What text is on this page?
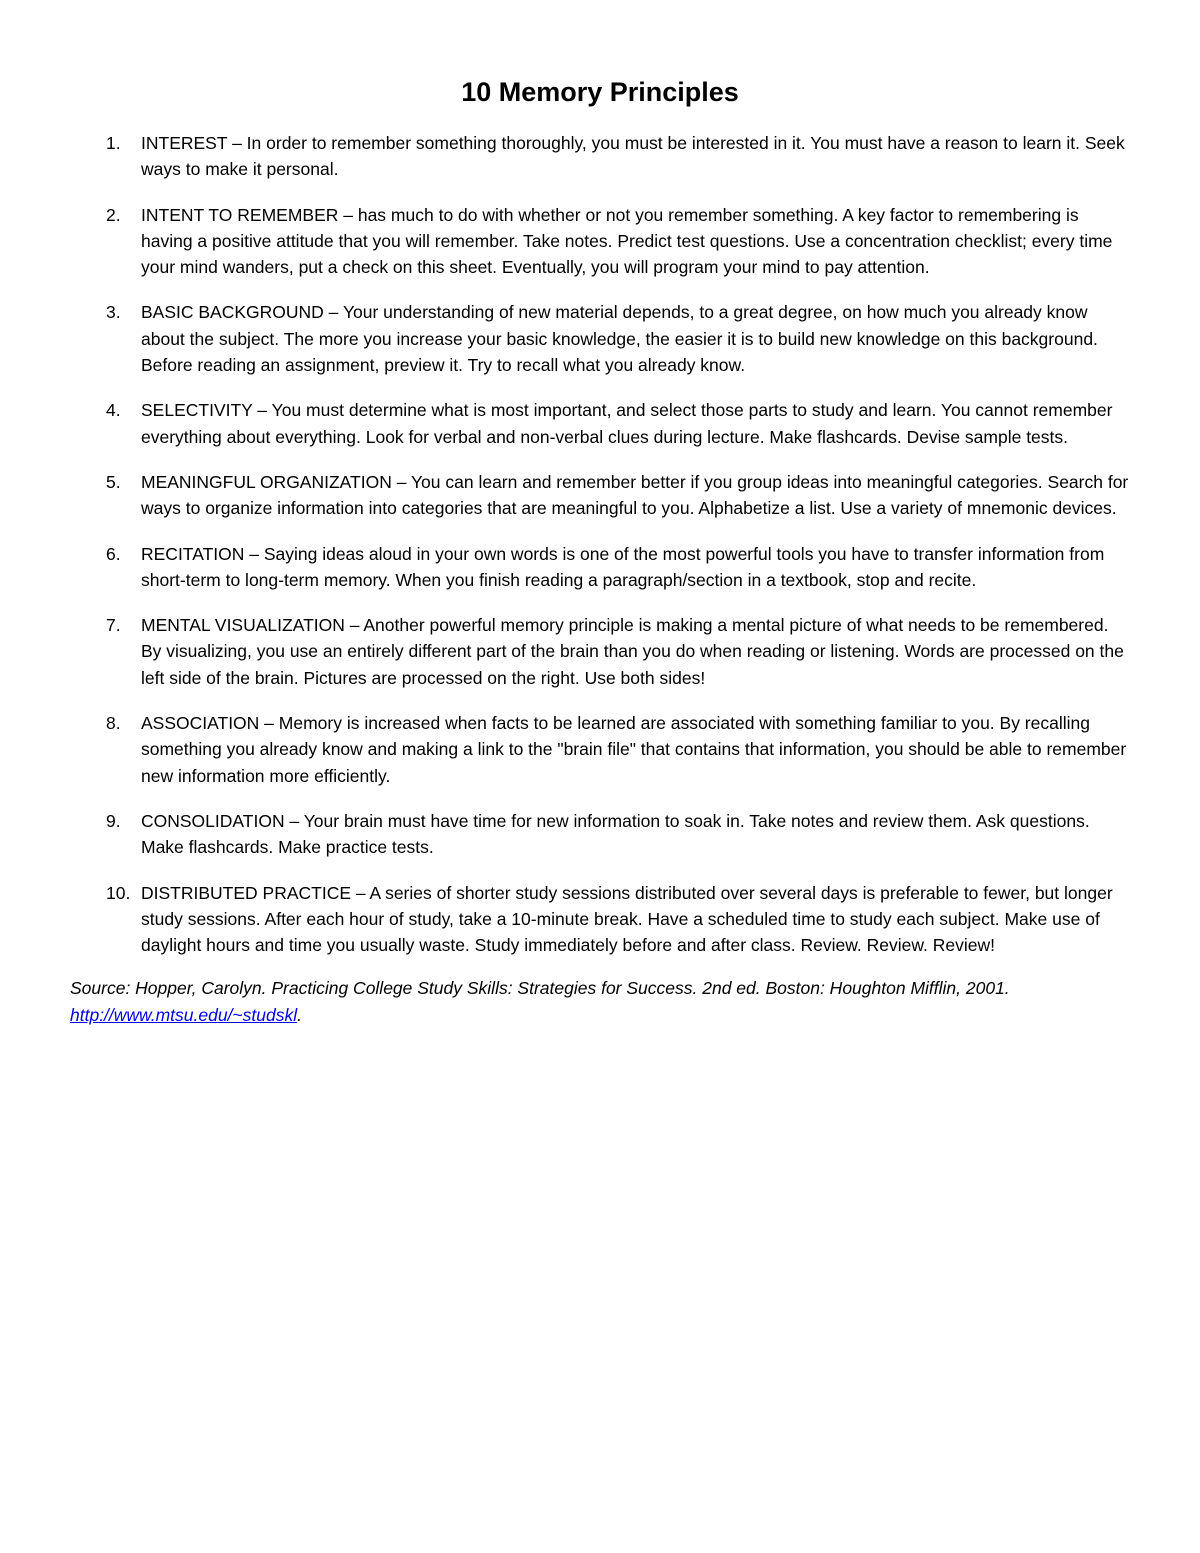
10 Memory Principles
1. INTEREST – In order to remember something thoroughly, you must be interested in it. You must have a reason to learn it. Seek ways to make it personal.
2. INTENT TO REMEMBER – has much to do with whether or not you remember something. A key factor to remembering is having a positive attitude that you will remember. Take notes. Predict test questions. Use a concentration checklist; every time your mind wanders, put a check on this sheet. Eventually, you will program your mind to pay attention.
3. BASIC BACKGROUND – Your understanding of new material depends, to a great degree, on how much you already know about the subject. The more you increase your basic knowledge, the easier it is to build new knowledge on this background. Before reading an assignment, preview it. Try to recall what you already know.
4. SELECTIVITY – You must determine what is most important, and select those parts to study and learn. You cannot remember everything about everything. Look for verbal and non-verbal clues during lecture. Make flashcards. Devise sample tests.
5. MEANINGFUL ORGANIZATION – You can learn and remember better if you group ideas into meaningful categories. Search for ways to organize information into categories that are meaningful to you. Alphabetize a list. Use a variety of mnemonic devices.
6. RECITATION – Saying ideas aloud in your own words is one of the most powerful tools you have to transfer information from short-term to long-term memory. When you finish reading a paragraph/section in a textbook, stop and recite.
7. MENTAL VISUALIZATION – Another powerful memory principle is making a mental picture of what needs to be remembered. By visualizing, you use an entirely different part of the brain than you do when reading or listening. Words are processed on the left side of the brain. Pictures are processed on the right. Use both sides!
8. ASSOCIATION – Memory is increased when facts to be learned are associated with something familiar to you. By recalling something you already know and making a link to the "brain file" that contains that information, you should be able to remember new information more efficiently.
9. CONSOLIDATION – Your brain must have time for new information to soak in. Take notes and review them. Ask questions. Make flashcards. Make practice tests.
10. DISTRIBUTED PRACTICE – A series of shorter study sessions distributed over several days is preferable to fewer, but longer study sessions. After each hour of study, take a 10-minute break. Have a scheduled time to study each subject. Make use of daylight hours and time you usually waste. Study immediately before and after class. Review. Review. Review!

Source: Hopper, Carolyn. Practicing College Study Skills: Strategies for Success. 2nd ed. Boston: Houghton Mifflin, 2001.
http://www.mtsu.edu/~studskl.
